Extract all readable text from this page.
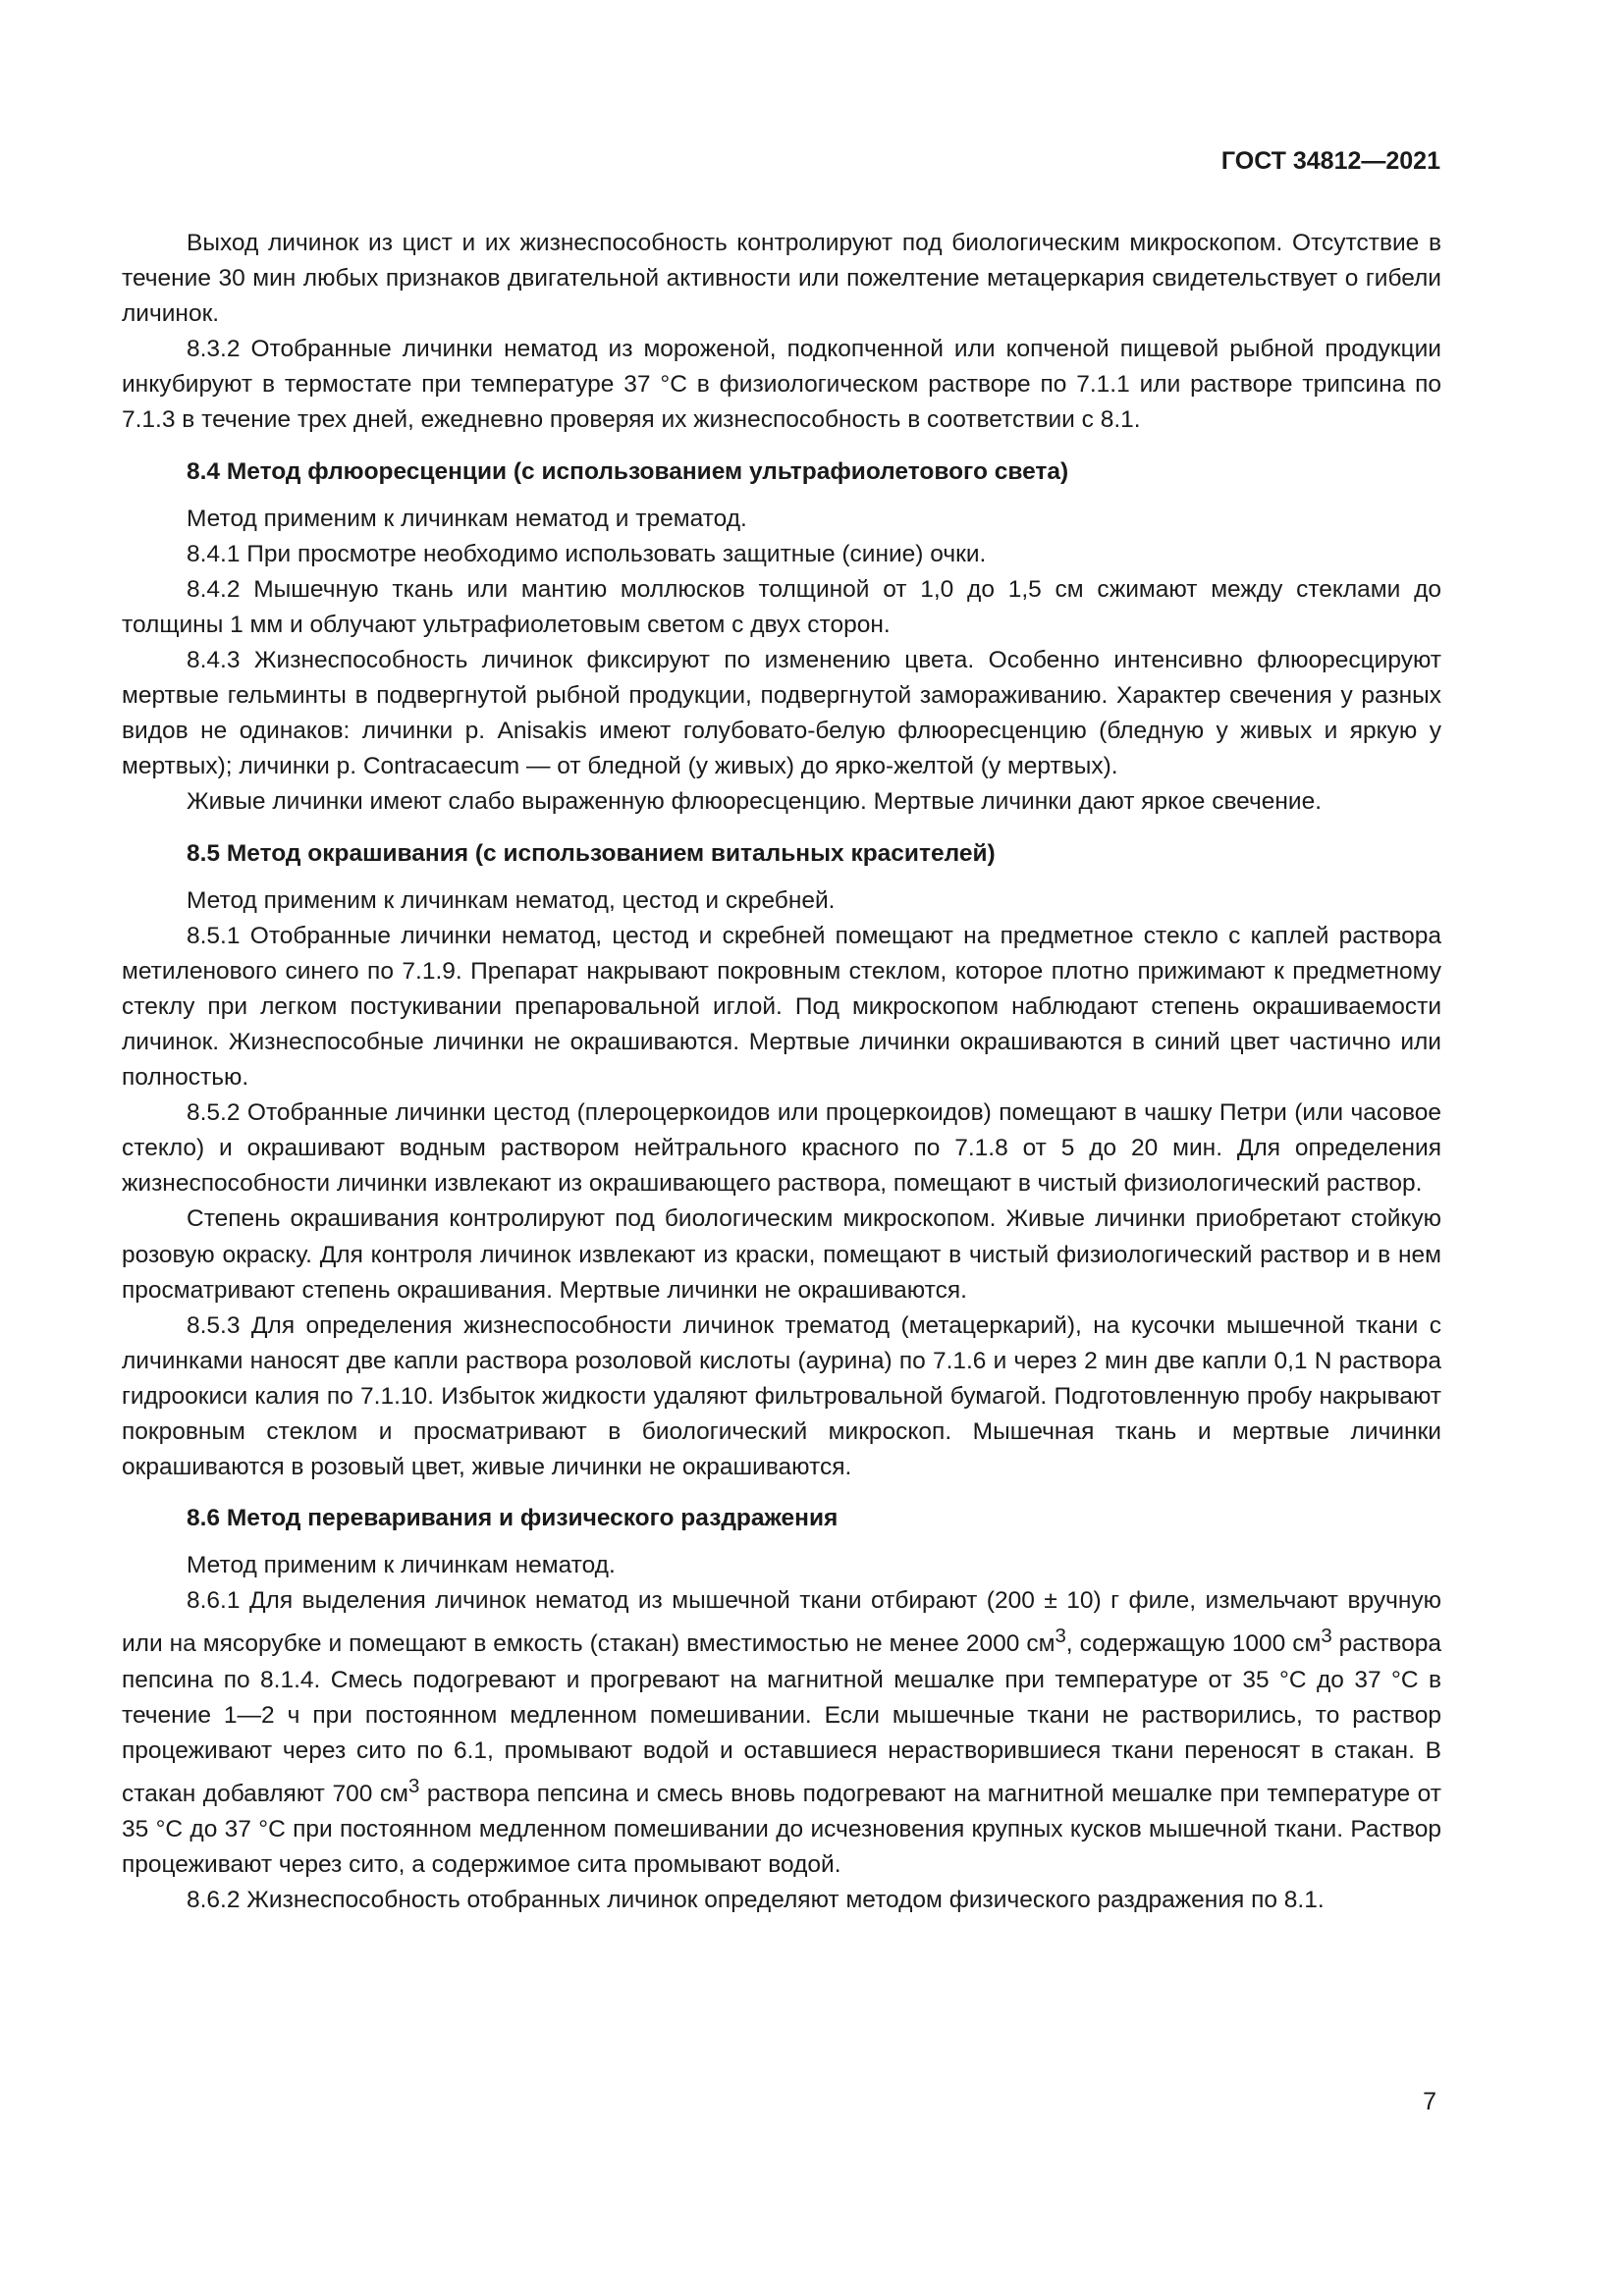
ГОСТ 34812—2021

Выход личинок из цист и их жизнеспособность контролируют под биологическим микроскопом. Отсутствие в течение 30 мин любых признаков двигательной активности или пожелтение метацеркария свидетельствует о гибели личинок.

8.3.2 Отобранные личинки нематод из мороженой, подкопченной или копченой пищевой рыбной продукции инкубируют в термостате при температуре 37 °С в физиологическом растворе по 7.1.1 или растворе трипсина по 7.1.3 в течение трех дней, ежедневно проверяя их жизнеспособность в соответствии с 8.1.

8.4 Метод флюоресценции (с использованием ультрафиолетового света)

Метод применим к личинкам нематод и трематод.

8.4.1 При просмотре необходимо использовать защитные (синие) очки.

8.4.2 Мышечную ткань или мантию моллюсков толщиной от 1,0 до 1,5 см сжимают между стеклами до толщины 1 мм и облучают ультрафиолетовым светом с двух сторон.

8.4.3 Жизнеспособность личинок фиксируют по изменению цвета. Особенно интенсивно флюоресцируют мертвые гельминты в подвергнутой рыбной продукции, подвергнутой замораживанию. Характер свечения у разных видов не одинаков: личинки р. Anisakis имеют голубовато-белую флюоресценцию (бледную у живых и яркую у мертвых); личинки р. Contracaecum — от бледной (у живых) до ярко-желтой (у мертвых).

Живые личинки имеют слабо выраженную флюоресценцию. Мертвые личинки дают яркое свечение.

8.5 Метод окрашивания (с использованием витальных красителей)

Метод применим к личинкам нематод, цестод и скребней.

8.5.1 Отобранные личинки нематод, цестод и скребней помещают на предметное стекло с каплей раствора метиленового синего по 7.1.9. Препарат накрывают покровным стеклом, которое плотно прижимают к предметному стеклу при легком постукивании препаровальной иглой. Под микроскопом наблюдают степень окрашиваемости личинок. Жизнеспособные личинки не окрашиваются. Мертвые личинки окрашиваются в синий цвет частично или полностью.

8.5.2 Отобранные личинки цестод (плероцеркоидов или процеркоидов) помещают в чашку Петри (или часовое стекло) и окрашивают водным раствором нейтрального красного по 7.1.8 от 5 до 20 мин. Для определения жизнеспособности личинки извлекают из окрашивающего раствора, помещают в чистый физиологический раствор.

Степень окрашивания контролируют под биологическим микроскопом. Живые личинки приобретают стойкую розовую окраску. Для контроля личинок извлекают из краски, помещают в чистый физиологический раствор и в нем просматривают степень окрашивания. Мертвые личинки не окрашиваются.

8.5.3 Для определения жизнеспособности личинок трематод (метацеркарий), на кусочки мышечной ткани с личинками наносят две капли раствора розоловой кислоты (аурина) по 7.1.6 и через 2 мин две капли 0,1 N раствора гидроокиси калия по 7.1.10. Избыток жидкости удаляют фильтровальной бумагой. Подготовленную пробу накрывают покровным стеклом и просматривают в биологический микроскоп. Мышечная ткань и мертвые личинки окрашиваются в розовый цвет, живые личинки не окрашиваются.

8.6 Метод переваривания и физического раздражения

Метод применим к личинкам нематод.

8.6.1 Для выделения личинок нематод из мышечной ткани отбирают (200 ± 10) г филе, измельчают вручную или на мясорубке и помещают в емкость (стакан) вместимостью не менее 2000 $см^3$, содержащую 1000 $см^3$ раствора пепсина по 8.1.4. Смесь подогревают и прогревают на магнитной мешалке при температуре от 35 °С до 37 °С в течение 1—2 ч при постоянном медленном помешивании. Если мышечные ткани не растворились, то раствор процеживают через сито по 6.1, промывают водой и оставшиеся нерастворившиеся ткани переносят в стакан. В стакан добавляют 700 $см^3$ раствора пепсина и смесь вновь подогревают на магнитной мешалке при температуре от 35 °С до 37 °С при постоянном медленном помешивании до исчезновения крупных кусков мышечной ткани. Раствор процеживают через сито, а содержимое сита промывают водой.

8.6.2 Жизнеспособность отобранных личинок определяют методом физического раздражения по 8.1.

7
